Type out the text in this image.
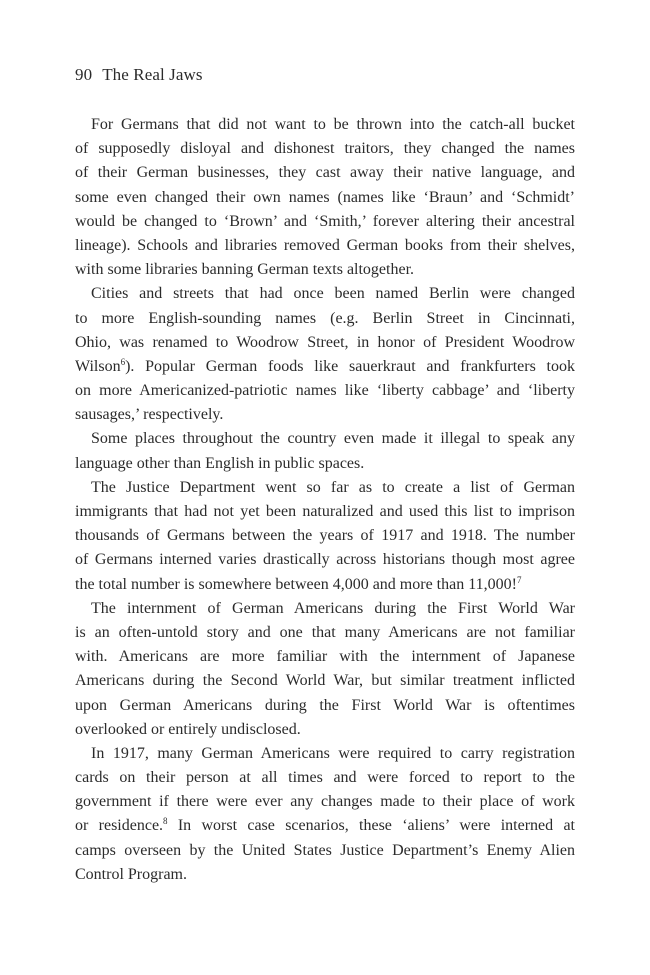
90 The Real Jaws
For Germans that did not want to be thrown into the catch-all bucket
of supposedly disloyal and dishonest traitors, they changed the names
of their German businesses, they cast away their native language, and
some even changed their own names (names like ‘Braun’ and ‘Schmidt’
would be changed to ‘Brown’ and ‘Smith,’ forever altering their ancestral
lineage). Schools and libraries removed German books from their shelves,
with some libraries banning German texts altogether.
Cities and streets that had once been named Berlin were changed
to more English-sounding names (e.g. Berlin Street in Cincinnati,
Ohio, was renamed to Woodrow Street, in honor of President Woodrow
Wilson$^6$). Popular German foods like sauerkraut and frankfurters took
on more Americanized-patriotic names like ‘liberty cabbage’ and ‘liberty
sausages,’ respectively.
Some places throughout the country even made it illegal to speak any
language other than English in public spaces.
The Justice Department went so far as to create a list of German
immigrants that had not yet been naturalized and used this list to imprison
thousands of Germans between the years of 1917 and 1918. The number
of Germans interned varies drastically across historians though most agree
the total number is somewhere between 4,000 and more than 11,000!$^7$
The internment of German Americans during the First World War
is an often-untold story and one that many Americans are not familiar
with. Americans are more familiar with the internment of Japanese
Americans during the Second World War, but similar treatment inflicted
upon German Americans during the First World War is oftentimes
overlooked or entirely undisclosed.
In 1917, many German Americans were required to carry registration
cards on their person at all times and were forced to report to the
government if there were ever any changes made to their place of work
or residence.$^8$ In worst case scenarios, these ‘aliens’ were interned at
camps overseen by the United States Justice Department’s Enemy Alien
Control Program.
